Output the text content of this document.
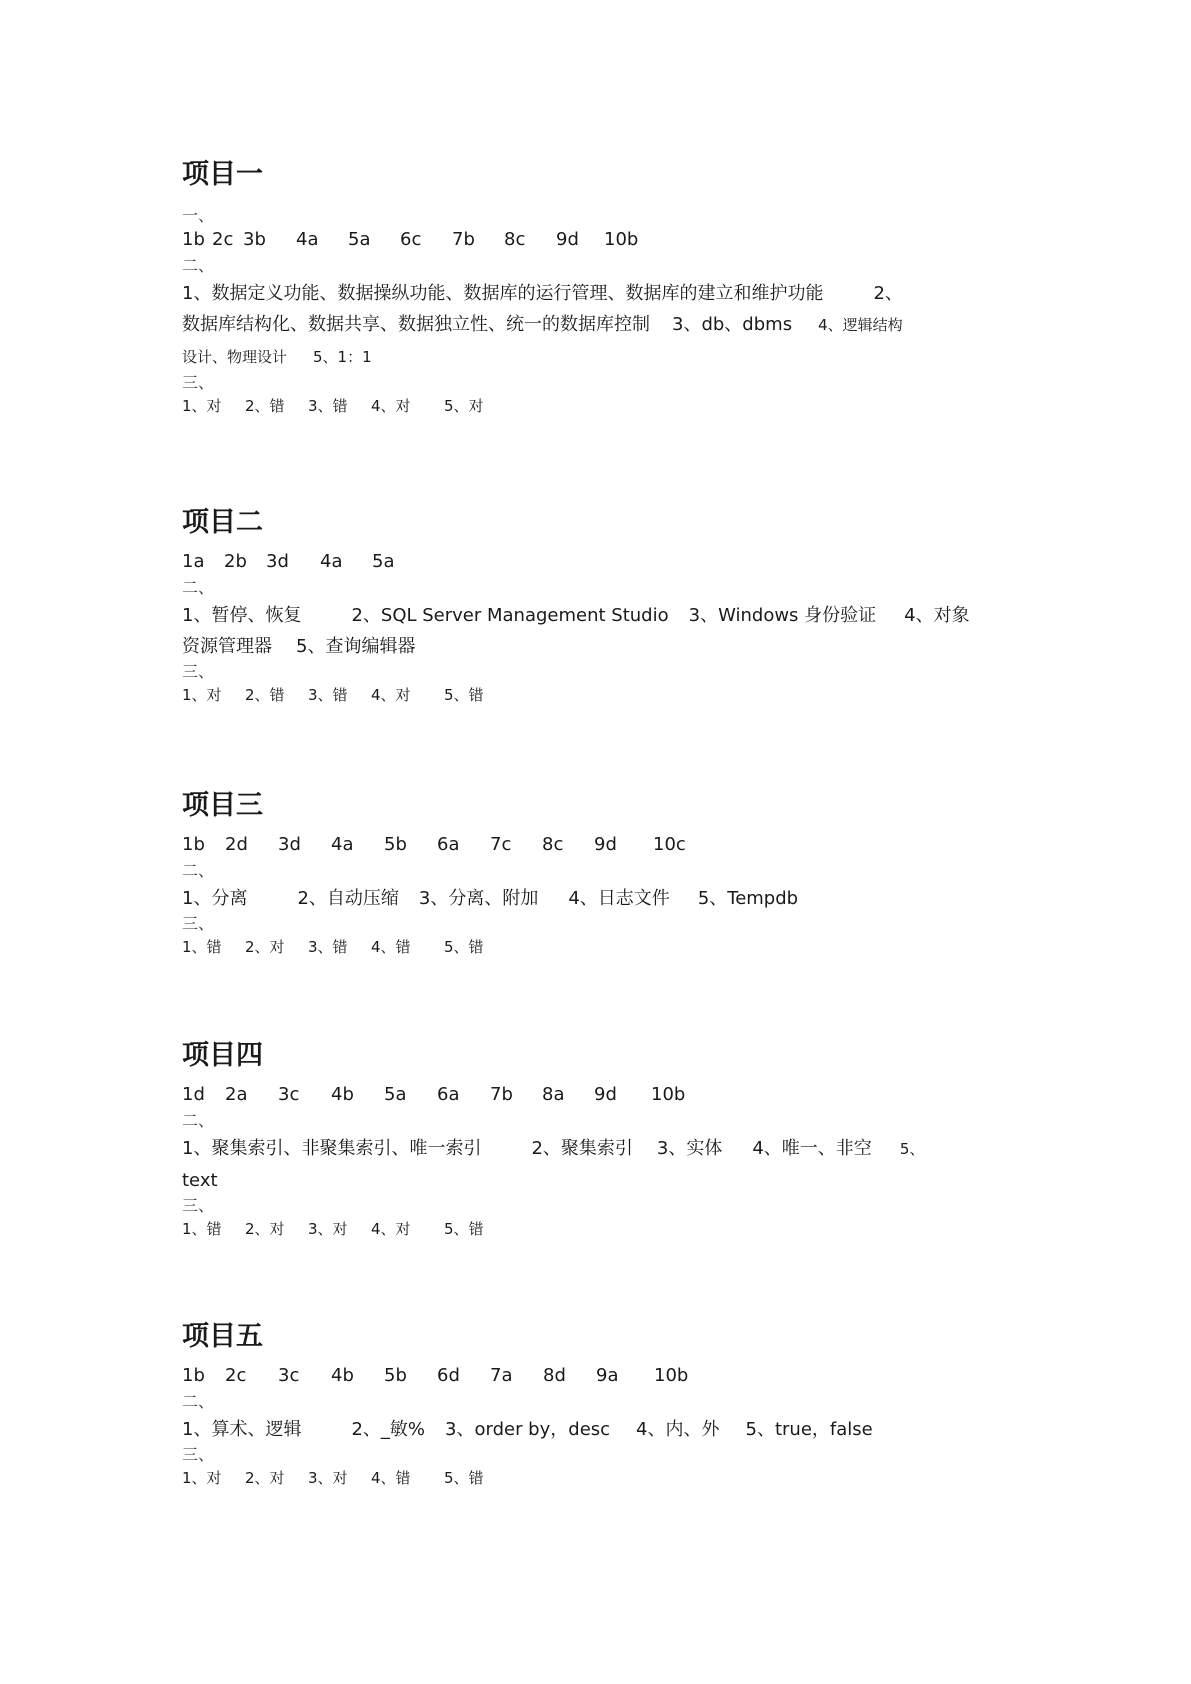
项目一

一、

1b 2c 3b	4a	5a	6c	7b	8c	9d	10b

二、

1、数据定义功能、数据操纵功能、数据库的运行管理、数据库的建立和维护功能	2、
数据库结构化、数据共享、数据独立性、统一的数据库控制 3、db、dbms 4、逻辑结构
设计、物理设计 5、1：1

三、

1、对	2、错	3、错	4、对	5、对
项目二
1a	2b	3d	4a	5a

二、

1、暂停、恢复	2、SQL Server Management Studio 3、Windows 身份验证 4、对象
资源管理器 5、查询编辑器

三、

1、对	2、错	3、错	4、对	5、错
项目三
1b	2d	3d	4a	5b	6a	7c	8c	9d	10c

二、

1、分离	2、自动压缩 3、分离、附加 4、日志文件 5、Tempdb

三、

1、错	2、对	3、错	4、错	5、错
项目四
1d	2a	3c	4b	5a	6a	7b	8a	9d	10b

二、

1、聚集索引、非聚集索引、唯一索引	2、聚集索引 3、实体 4、唯一、非空 5、
text

三、

1、错	2、对	3、对	4、对	5、错
项目五
1b	2c	3c	4b	5b	6d	7a	8d	9a	10b

二、

1、算术、逻辑	2、_敏% 3、order by，desc 4、内、外 5、true，false

三、

1、对	2、对	3、对	4、错	5、错
